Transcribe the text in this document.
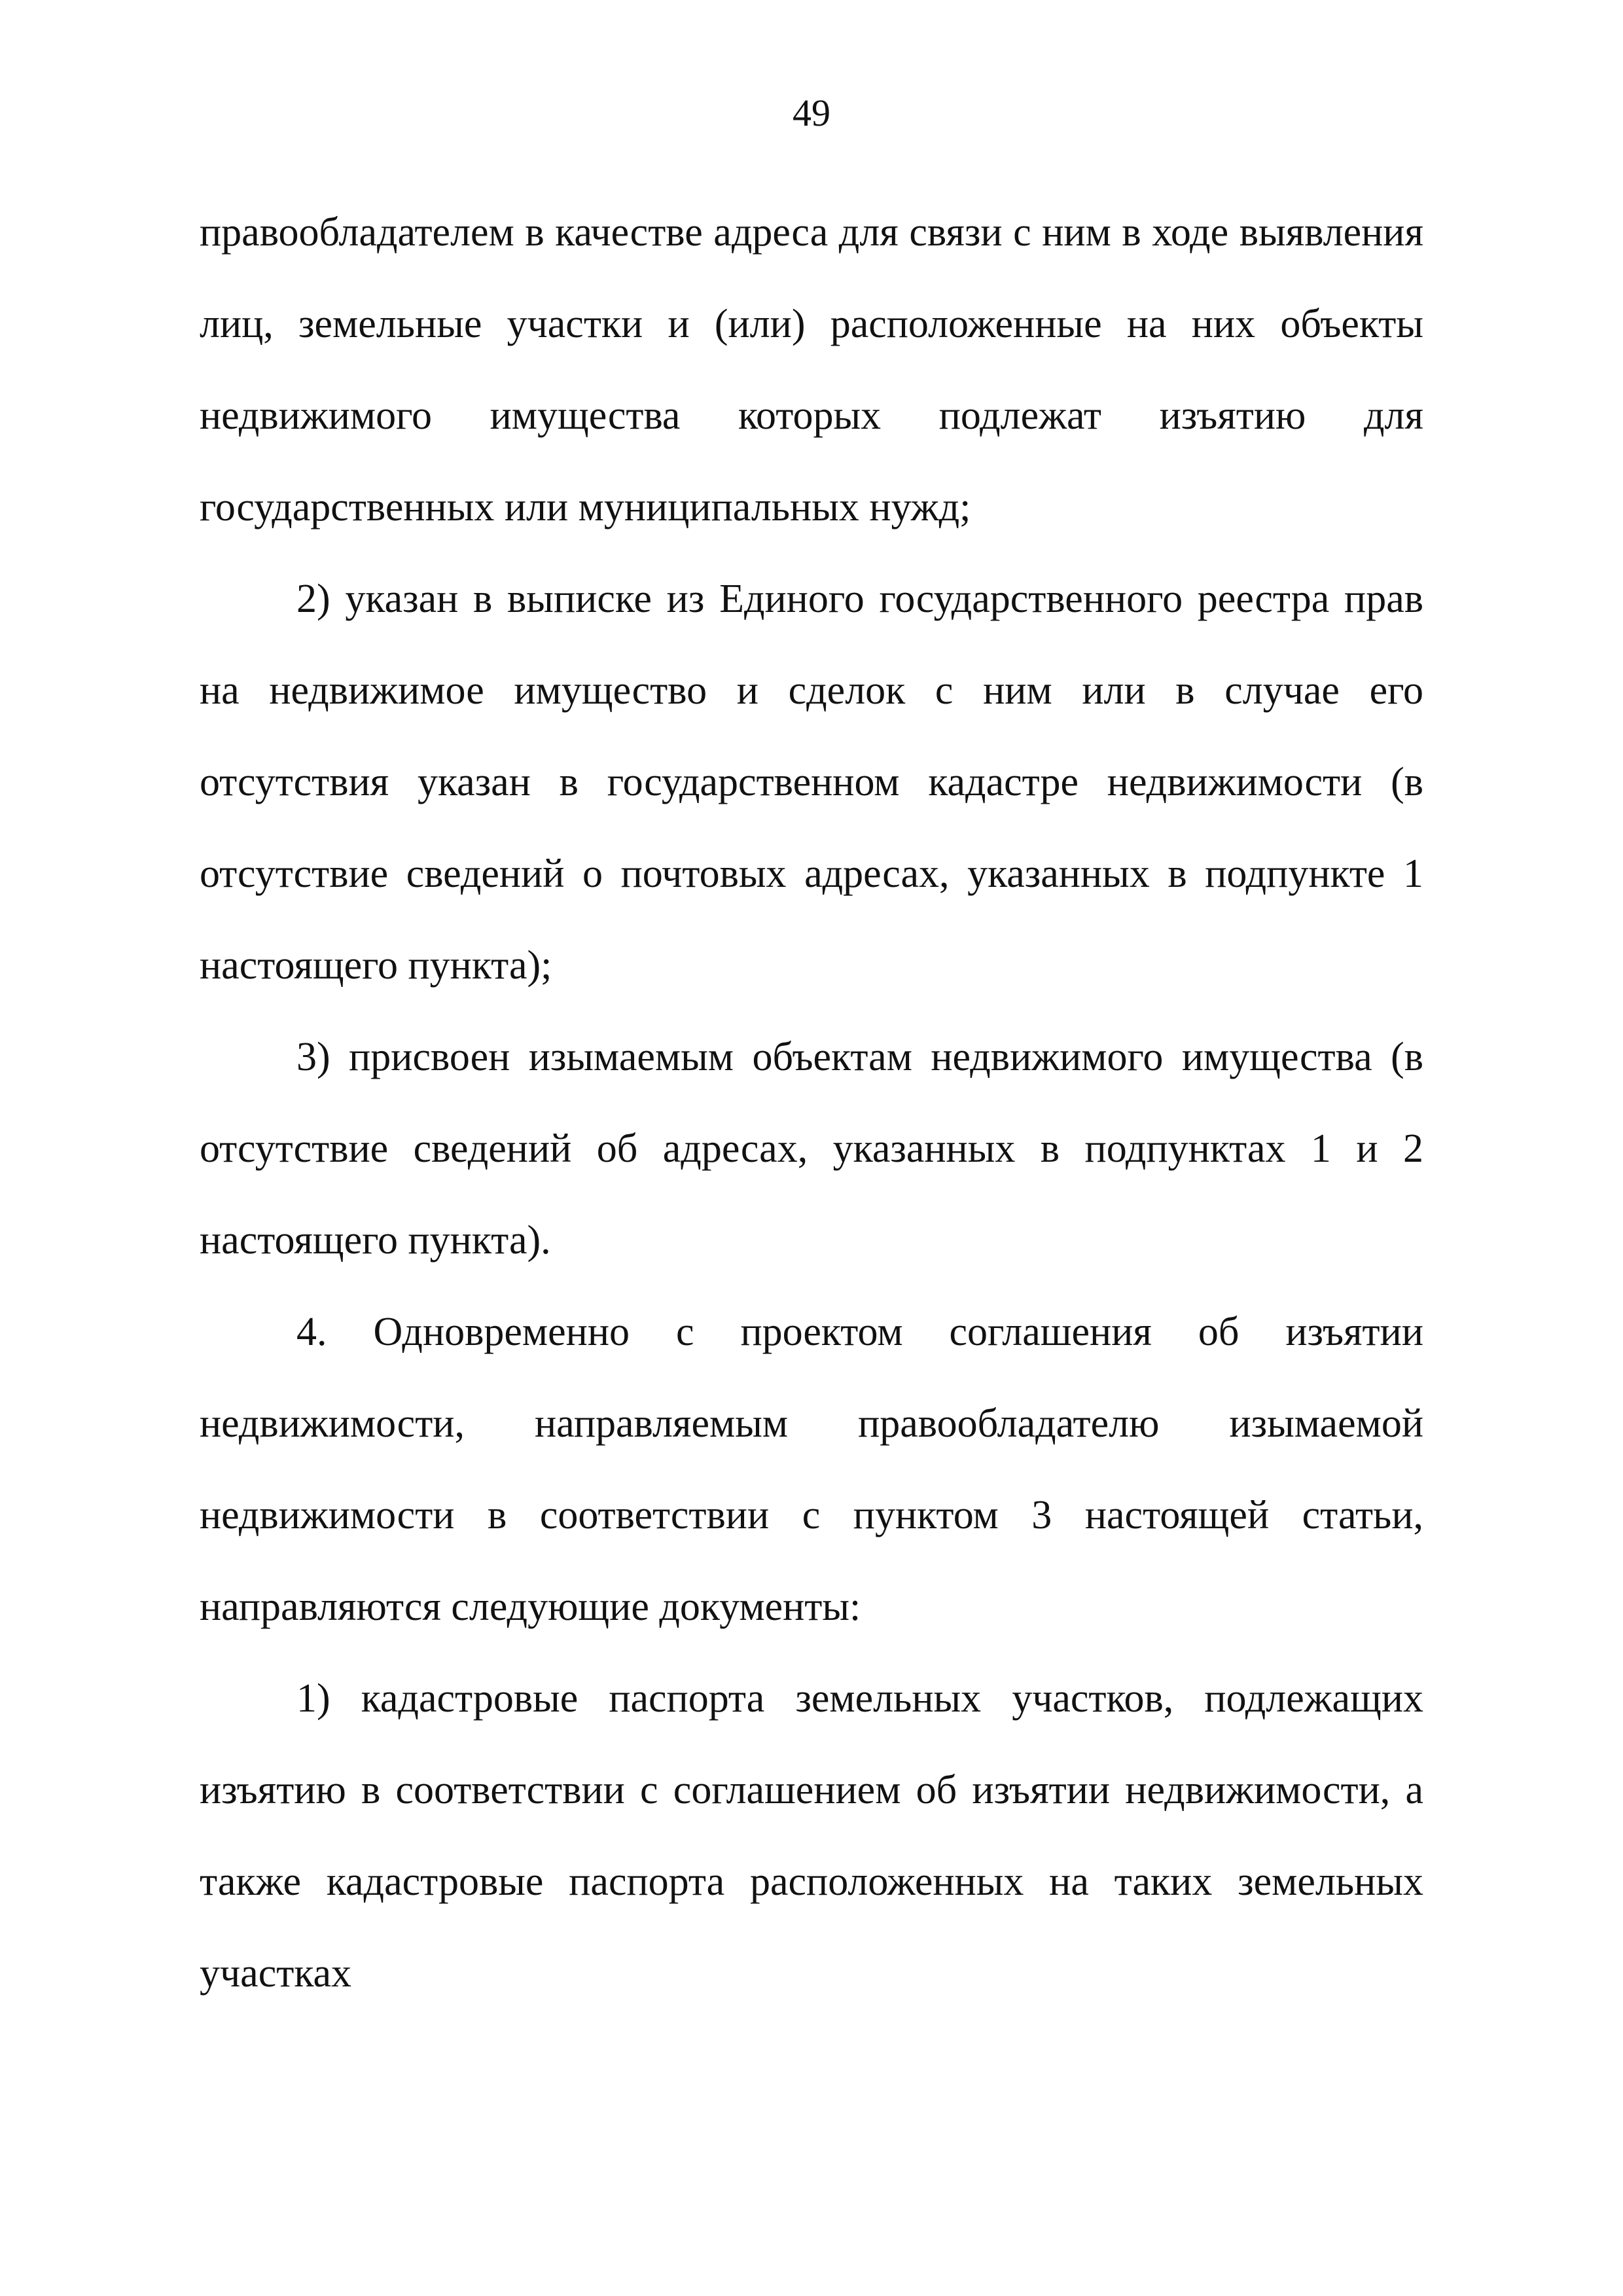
49

правообладателем в качестве адреса для связи с ним в ходе выявления лиц, земельные участки и (или) расположенные на них объекты недвижимого имущества которых подлежат изъятию для государственных или муниципальных нужд;

2) указан в выписке из Единого государственного реестра прав на недвижимое имущество и сделок с ним или в случае его отсутствия указан в государственном кадастре недвижимости (в отсутствие сведений о почтовых адресах, указанных в подпункте 1 настоящего пункта);

3) присвоен изымаемым объектам недвижимого имущества (в отсутствие сведений об адресах, указанных в подпунктах 1 и 2 настоящего пункта).

4. Одновременно с проектом соглашения об изъятии недвижимости, направляемым правообладателю изымаемой недвижимости в соответствии с пунктом 3 настоящей статьи, направляются следующие документы:

1) кадастровые паспорта земельных участков, подлежащих изъятию в соответствии с соглашением об изъятии недвижимости, а также кадастровые паспорта расположенных на таких земельных участках
